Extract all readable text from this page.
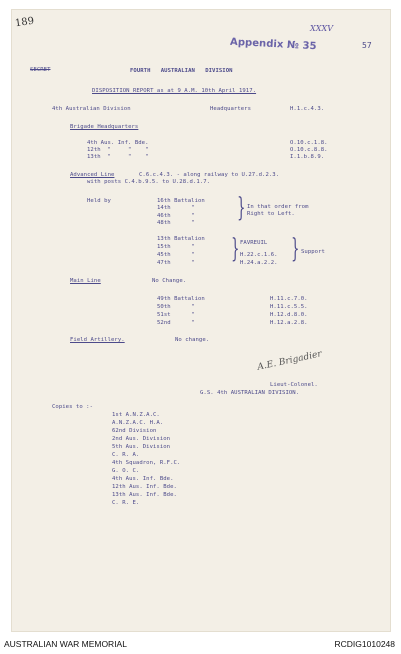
189
Appendix № 35
XXXV
57
SECRET	FOURTH   AUSTRALIAN   DIVISION
DISPOSITION REPORT as at 9 A.M. 10th April 1917.
4th Australian Division	Headquarters	H.1.c.4.3.
Brigade Headquarters
4th Aus. Inf. Bde.	O.10.c.1.8.
12th  "     "    "	O.10.c.8.8.
13th  "     "    "	I.1.b.8.9.
Advanced Line	C.6.c.4.3. - along railway to U.27.d.2.3.
with posts C.4.b.9.5. to U.28.d.1.7.
Held by	16th Battalion
14th      "
46th      "
48th      " } In that order from
Right to Left.
13th Battalion
15th      "
45th      "
47th      " } FAVREUIL
H.22.c.1.6.
H.24.a.2.2. } Support
Main Line	No Change.
49th Battalion	H.11.c.7.0.
50th      "	H.11.c.5.5.
51st      "	H.12.d.8.0.
52nd      "	H.12.a.2.8.
Field Artillery.	No change.
A.E. Brigadier
Lieut-Colonel.
G.S. 4th AUSTRALIAN DIVISION.
Copies to :-
1st A.N.Z.A.C.
A.N.Z.A.C. H.A.
62nd Division
2nd Aus. Division
5th Aus. Division
C. R. A.
4th Squadron, R.F.C.
G. O. C.
4th Aus. Inf. Bde.
12th Aus. Inf. Bde.
13th Aus. Inf. Bde.
C. R. E.
AUSTRALIAN WAR MEMORIAL	RCDIG1010248
